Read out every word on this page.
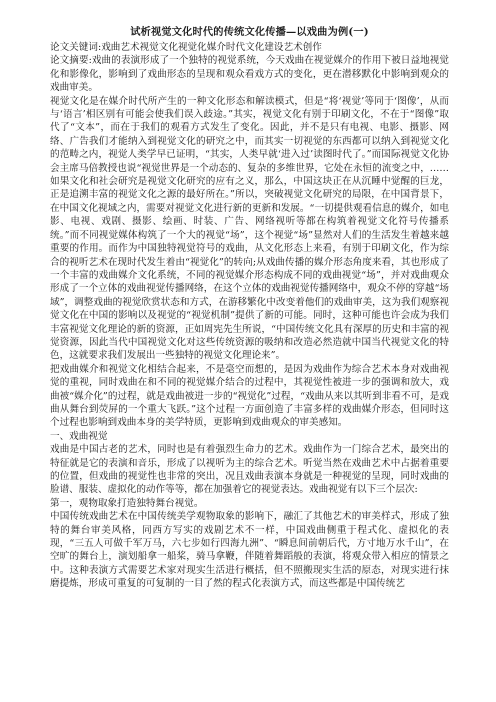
试析视觉文化时代的传统文化传播—以戏曲为例(一)

论文关键词:戏曲艺术视觉文化视觉化媒介时代文化建设艺术创作

论文摘要:戏曲的表演形成了一个独特的视觉系统，今天戏曲在视觉媒介的作用下被日益地视觉化和影像化，影响到了戏曲形态的呈现和观众看戏方式的变化，更在潜移默化中影响到观众的戏曲审美。

视觉文化是在媒介时代所产生的一种文化形态和解读模式，但是“将‘视觉’等同于‘图像’，从而与‘语言’相区别有可能会使我们误入歧途。”其实，视觉文化有别于印刷文化，不在于“图像”取代了“文本”，而在于我们的观看方式发生了变化。因此，并不是只有电视、电影、摄影、网络、广告我们才能纳入到视觉文化的研究之中，而其实一切视觉的东西都可以纳入到视觉文化的范畴之内，视觉人类学早已证明，“其实，人类早就‘进入过’读图时代了。”而国际视觉文化协会主席马倍教授也说“视觉世界是一个动态的、复杂的多维世界，它处在永恒的流变之中，……如果文化和社会研究是视觉文化研究的应有之义，那么，中国这块正在从沉睡中觉醒的巨龙，正是追溯丰富的视觉文化之源的最好所在。”所以，突破视觉文化研究的局限，在中国背景下，在中国文化视域之内，需要对视觉文化进行新的更新和发展。“一切提供观看信息的媒介，如电影、电视、戏剧、摄影、绘画、时装、广告、网络视听等都在构筑着视觉文化符号传播系统。”而不同视觉媒体构筑了一个大的视觉“场”，这个视觉“场”显然对人们的生活发生着越来越重要的作用。而作为中国独特视觉符号的戏曲，从文化形态上来看，有别于印刷文化，作为综合的视听艺术在现时代发生着由“视觉化”的转向;从戏曲传播的媒介形态角度来看，其也形成了一个丰富的戏曲媒介文化系统，不同的视觉媒介形态构成不同的戏曲视觉“场”，并对戏曲观众形成了一个立体的戏曲视觉传播网络，在这个立体的戏曲视觉传播网络中，观众不停的穿越“场域”，调整戏曲的视觉欣赏状态和方式，在游移繁化中改变着他们的戏曲审美，这为我们观察视觉文化在中国的影响以及视觉的“视觉机制”提供了新的可能。同时，这种可能也许会成为我们丰富视觉文化理论的新的资源，正如周宪先生所说，“中国传统文化具有深厚的历史和丰富的视觉资源，因此当代中国视觉文化对这些传统资源的吸纳和改造必然造就中国当代视觉文化的特色，这就要求我们发展出一些独特的视觉文化理论来”。

把戏曲媒介和视觉文化相结合起来，不是毫空而想的，是因为戏曲作为综合艺术本身对戏曲视觉的重视，同时戏曲在和不同的视觉媒介结合的过程中，其视觉性被进一步的强调和放大，戏曲被“媒介化”的过程，就是戏曲被进一步的“视觉化”过程，“戏曲从来以其听到非看不可，是戏曲从舞台到荧屏的一个重大飞跃。”这个过程一方面创造了丰富多样的戏曲媒介形态，但同时这个过程也影响到戏曲本身的美学特质，更影响到戏曲观众的审美感知。

一、戏曲视觉

戏曲是中国古老的艺术，同时也是有着强烈生命力的艺术。戏曲作为一门综合艺术，最突出的特征就是它的表演和音乐，形成了以视听为主的综合艺术。听觉当然在戏曲艺术中占据着重要的位置，但戏曲的视觉性也非常的突出，况且戏曲表演本身就是一种视觉的呈现，同时戏曲的脸谱、服装、虚拟化的动作等等，都在加强着它的视觉表达。戏曲视觉有以下三个层次:

第一，观物取象打造独特舞台视觉。

中国传统戏曲艺术在中国传统美学观物取象的影响下，融汇了其他艺术的审美样式，形成了独特的舞台审美风格，同西方写实的戏剧艺术不一样，中国戏曲侧重于程式化、虚拟化的表现，“三五人可做千军万马，六七步如行四海九洲”、“瞬息间前朝后代，方寸地万水千山”，在空旷的舞台上，演划船拿一船桨，骑马拿鞭，伴随着舞蹈般的表演，将观众带入相应的情景之中。这种表演方式需要艺术家对现实生活进行概括，但不照搬现实生活的原态，对现实进行抹磨提炼，形成可重复的可复制的一目了然的程式化表演方式，而这些都是中国传统艺
